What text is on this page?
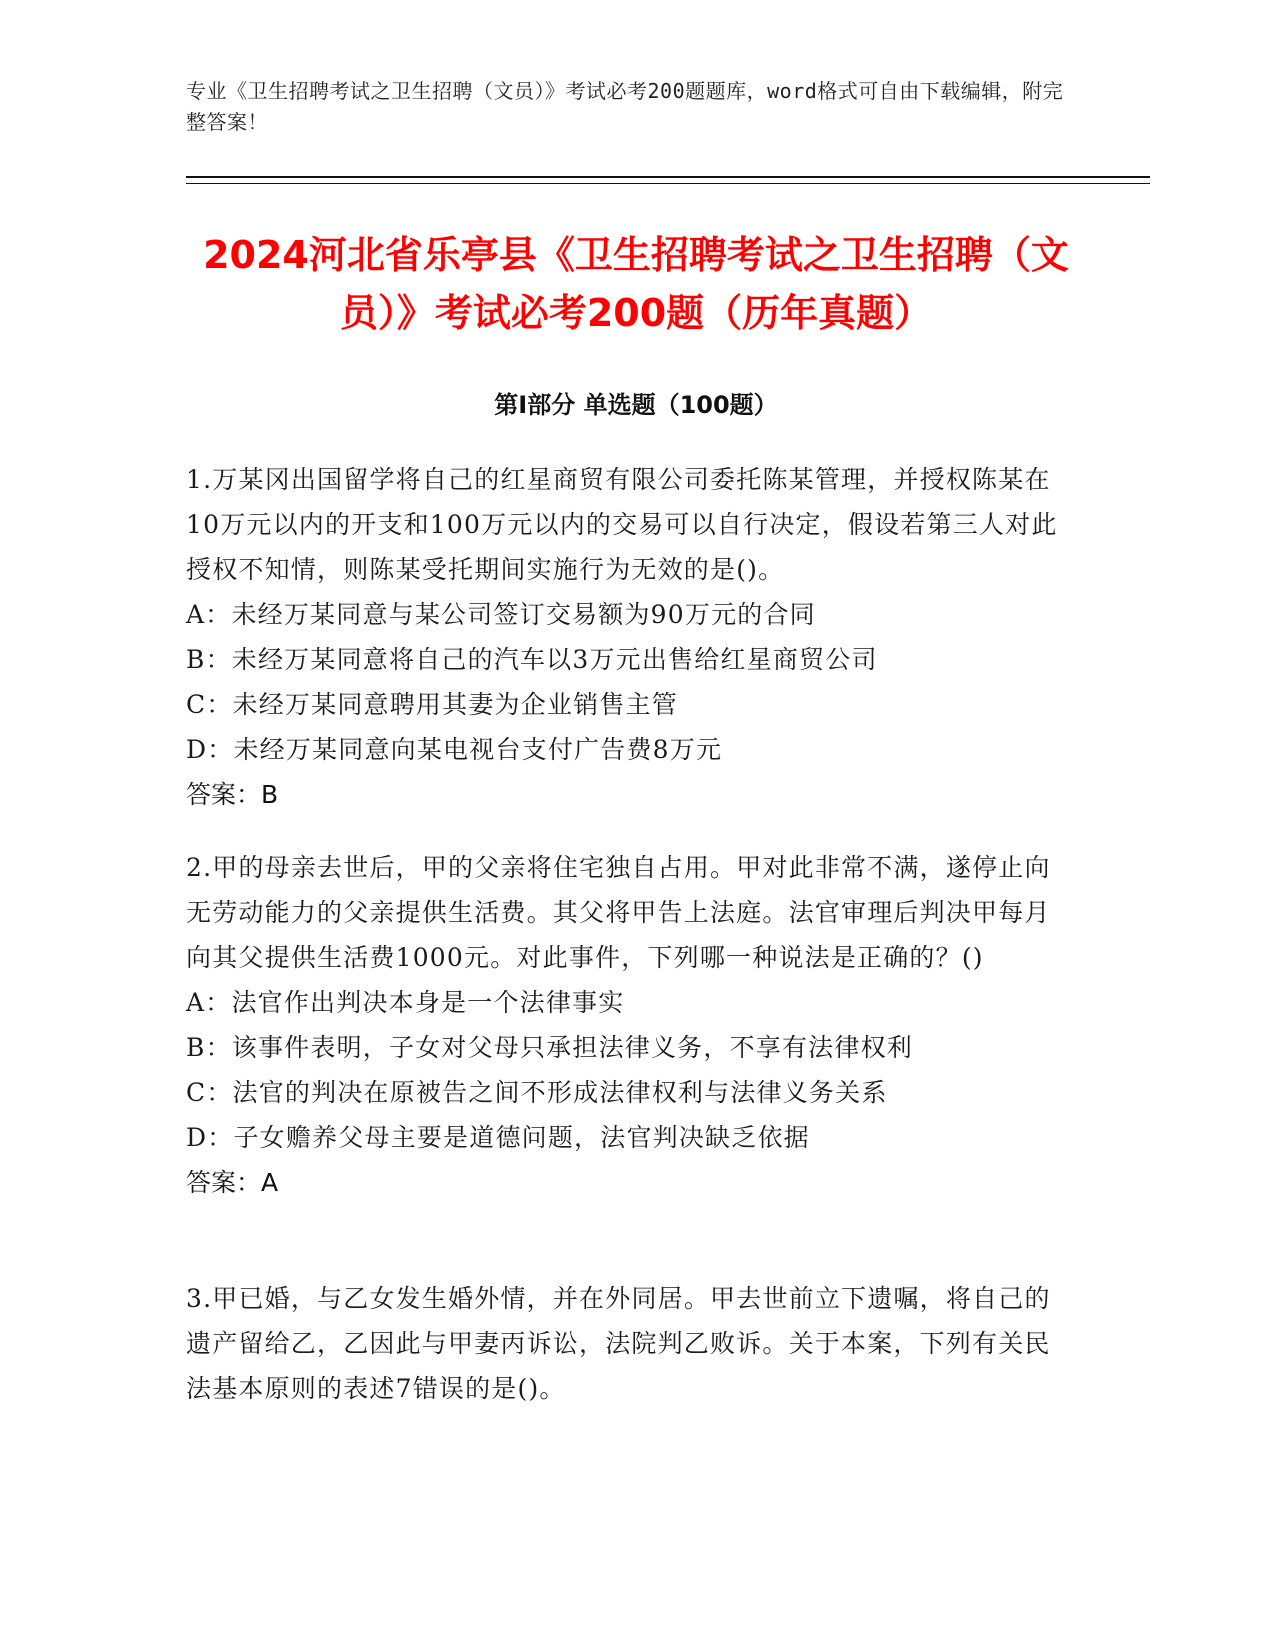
专业《卫生招聘考试之卫生招聘（文员）》考试必考200题题库，word格式可自由下载编辑，附完整答案！
2024河北省乐亭县《卫生招聘考试之卫生招聘（文员）》考试必考200题（历年真题）
第I部分 单选题（100题）

1.万某冈出国留学将自己的红星商贸有限公司委托陈某管理，并授权陈某在10万元以内的开支和100万元以内的交易可以自行决定，假设若第三人对此授权不知情，则陈某受托期间实施行为无效的是()。

A：未经万某同意与某公司签订交易额为90万元的合同

B：未经万某同意将自己的汽车以3万元出售给红星商贸公司

C：未经万某同意聘用其妻为企业销售主管

D：未经万某同意向某电视台支付广告费8万元

答案：B

2.甲的母亲去世后，甲的父亲将住宅独自占用。甲对此非常不满，遂停止向无劳动能力的父亲提供生活费。其父将甲告上法庭。法官审理后判决甲每月向其父提供生活费1000元。对此事件，下列哪一种说法是正确的？()

A：法官作出判决本身是一个法律事实

B：该事件表明，子女对父母只承担法律义务，不享有法律权利

C：法官的判决在原被告之间不形成法律权利与法律义务关系

D：子女赡养父母主要是道德问题，法官判决缺乏依据

答案：A

3.甲已婚，与乙女发生婚外情，并在外同居。甲去世前立下遗嘱，将自己的遗产留给乙，乙因此与甲妻丙诉讼，法院判乙败诉。关于本案，下列有关民法基本原则的表述7错误的是()。
